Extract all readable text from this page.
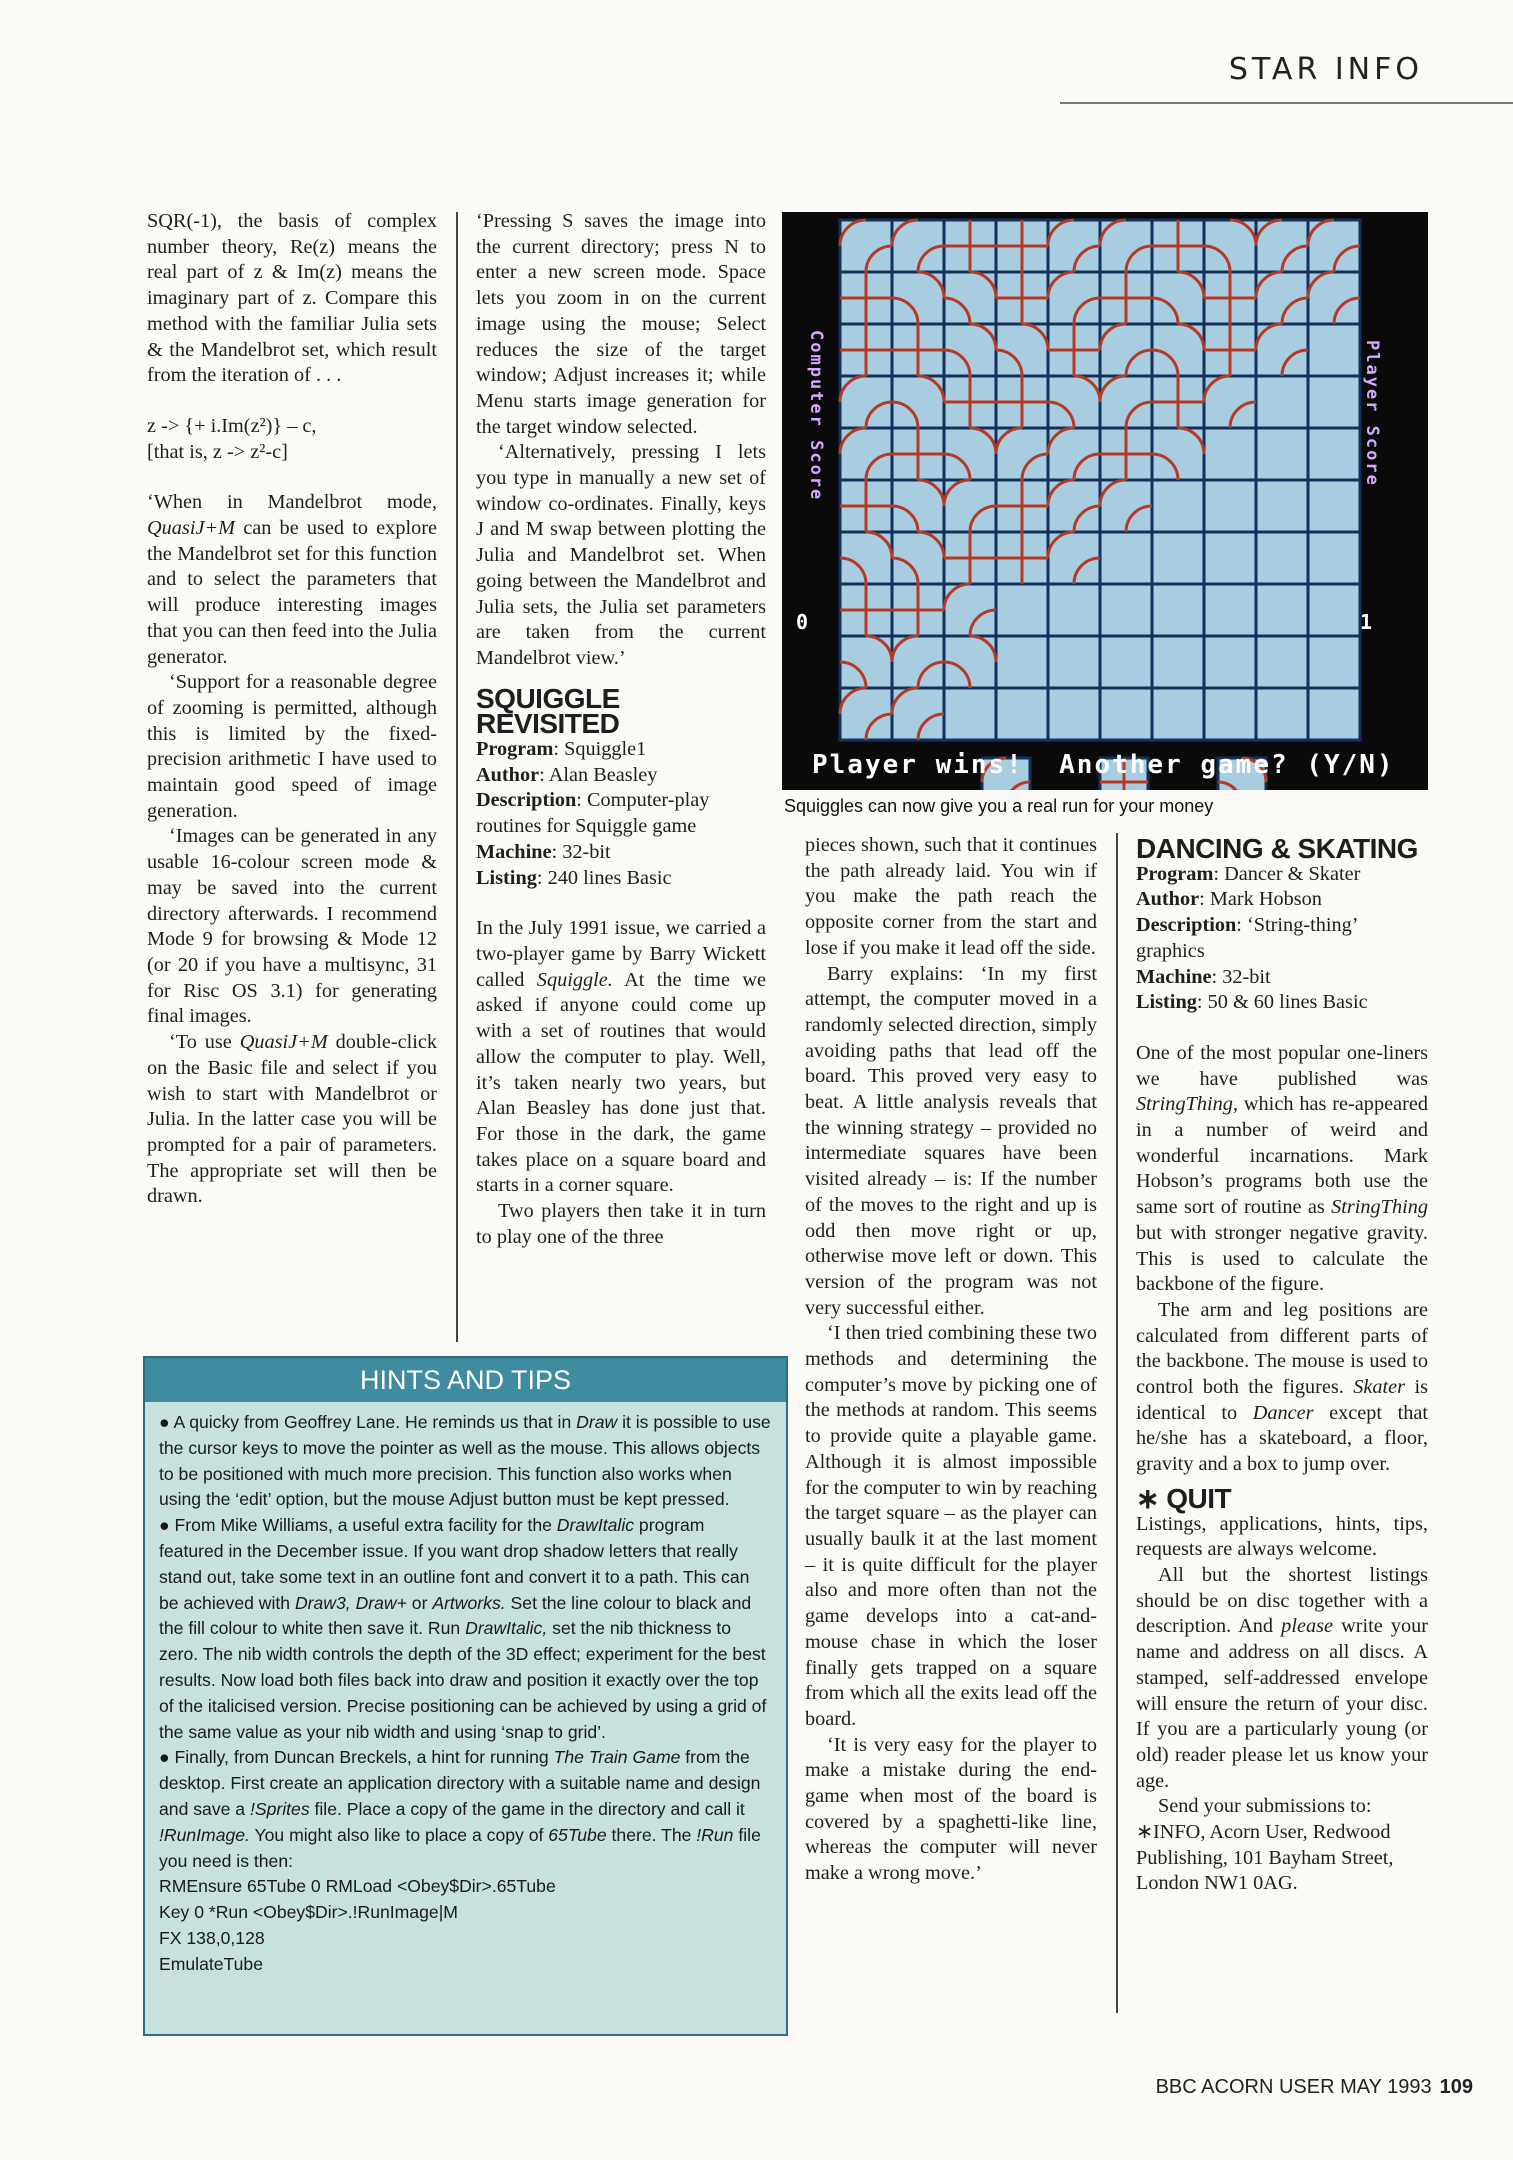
STAR INFO

SQR(-1), the basis of complex number theory, Re(z) means the real part of z & Im(z) means the imaginary part of z. Compare this method with the familiar Julia sets & the Mandelbrot set, which result from the iteration of . . .

z -> {+ i.Im(z²)} – c,

[that is, z -> z²-c]

‘When in Mandelbrot mode, QuasiJ+M can be used to explore the Mandelbrot set for this function and to select the parameters that will produce interesting images that you can then feed into the Julia generator.

‘Support for a reasonable degree of zooming is permitted, although this is limited by the fixed-precision arithmetic I have used to maintain good speed of image generation.

‘Images can be generated in any usable 16-colour screen mode & may be saved into the current directory afterwards. I recommend Mode 9 for browsing & Mode 12 (or 20 if you have a multisync, 31 for Risc OS 3.1) for generating final images.

‘To use QuasiJ+M double-click on the Basic file and select if you wish to start with Mandelbrot or Julia. In the latter case you will be prompted for a pair of parameters. The appropriate set will then be drawn.

‘Pressing S saves the image into the current directory; press N to enter a new screen mode. Space lets you zoom in on the current image using the mouse; Select reduces the size of the target window; Adjust increases it; while Menu starts image generation for the target window selected.

‘Alternatively, pressing I lets you type in manually a new set of window co-ordinates. Finally, keys J and M swap between plotting the Julia and Mandelbrot set. When going between the Mandelbrot and Julia sets, the Julia set parameters are taken from the current Mandelbrot view.’

SQUIGGLE REVISITED

Program: Squiggle1

Author: Alan Beasley

Description: Computer-play routines for Squiggle game

Machine: 32-bit

Listing: 240 lines Basic

In the July 1991 issue, we carried a two-player game by Barry Wickett called Squiggle. At the time we asked if anyone could come up with a set of routines that would allow the computer to play. Well, it’s taken nearly two years, but Alan Beasley has done just that. For those in the dark, the game takes place on a square board and starts in a corner square.

Two players then take it in turn to play one of the three

Computer Score
0
Player Score
1
Player wins!  Another game? (Y/N)
Squiggles can now give you a real run for your money

pieces shown, such that it continues the path already laid. You win if you make the path reach the opposite corner from the start and lose if you make it lead off the side.

Barry explains: ‘In my first attempt, the computer moved in a randomly selected direction, simply avoiding paths that lead off the board. This proved very easy to beat. A little analysis reveals that the winning strategy – provided no intermediate squares have been visited already – is: If the number of the moves to the right and up is odd then move right or up, otherwise move left or down. This version of the program was not very successful either.

‘I then tried combining these two methods and determining the computer’s move by picking one of the methods at random. This seems to provide quite a playable game. Although it is almost impossible for the computer to win by reaching the target square – as the player can usually baulk it at the last moment – it is quite difficult for the player also and more often than not the game develops into a cat-and-mouse chase in which the loser finally gets trapped on a square from which all the exits lead off the board.

‘It is very easy for the player to make a mistake during the end-game when most of the board is covered by a spaghetti-like line, whereas the computer will never make a wrong move.’

DANCING & SKATING

Program: Dancer & Skater

Author: Mark Hobson

Description: ‘String-thing’ graphics

Machine: 32-bit

Listing: 50 & 60 lines Basic

One of the most popular one-liners we have published was StringThing, which has re-appeared in a number of weird and wonderful incarnations. Mark Hobson’s programs both use the same sort of routine as StringThing but with stronger negative gravity. This is used to calculate the backbone of the figure.

The arm and leg positions are calculated from different parts of the backbone. The mouse is used to control both the figures. Skater is identical to Dancer except that he/she has a skateboard, a floor, gravity and a box to jump over.

∗ QUIT

Listings, applications, hints, tips, requests are always welcome.

All but the shortest listings should be on disc together with a description. And please write your name and address on all discs. A stamped, self-addressed envelope will ensure the return of your disc. If you are a particularly young (or old) reader please let us know your age.

Send your submissions to:

∗INFO, Acorn User, Redwood Publishing, 101 Bayham Street, London NW1 0AG.

HINTS AND TIPS

● A quicky from Geoffrey Lane. He reminds us that in Draw it is possible to use the cursor keys to move the pointer as well as the mouse. This allows objects to be positioned with much more precision. This function also works when using the ‘edit’ option, but the mouse Adjust button must be kept pressed.

● From Mike Williams, a useful extra facility for the DrawItalic program featured in the December issue. If you want drop shadow letters that really stand out, take some text in an outline font and convert it to a path. This can be achieved with Draw3, Draw+ or Artworks. Set the line colour to black and the fill colour to white then save it. Run DrawItalic, set the nib thickness to zero. The nib width controls the depth of the 3D effect; experiment for the best results. Now load both files back into draw and position it exactly over the top of the italicised version. Precise positioning can be achieved by using a grid of the same value as your nib width and using ‘snap to grid’.

● Finally, from Duncan Breckels, a hint for running The Train Game from the desktop. First create an application directory with a suitable name and design and save a !Sprites file. Place a copy of the game in the directory and call it !RunImage. You might also like to place a copy of 65Tube there. The !Run file you need is then:

RMEnsure 65Tube 0 RMLoad <Obey$Dir>.65Tube

Key 0 *Run <Obey$Dir>.!RunImage|M

FX 138,0,128

EmulateTube

BBC ACORN USER MAY 1993 109
